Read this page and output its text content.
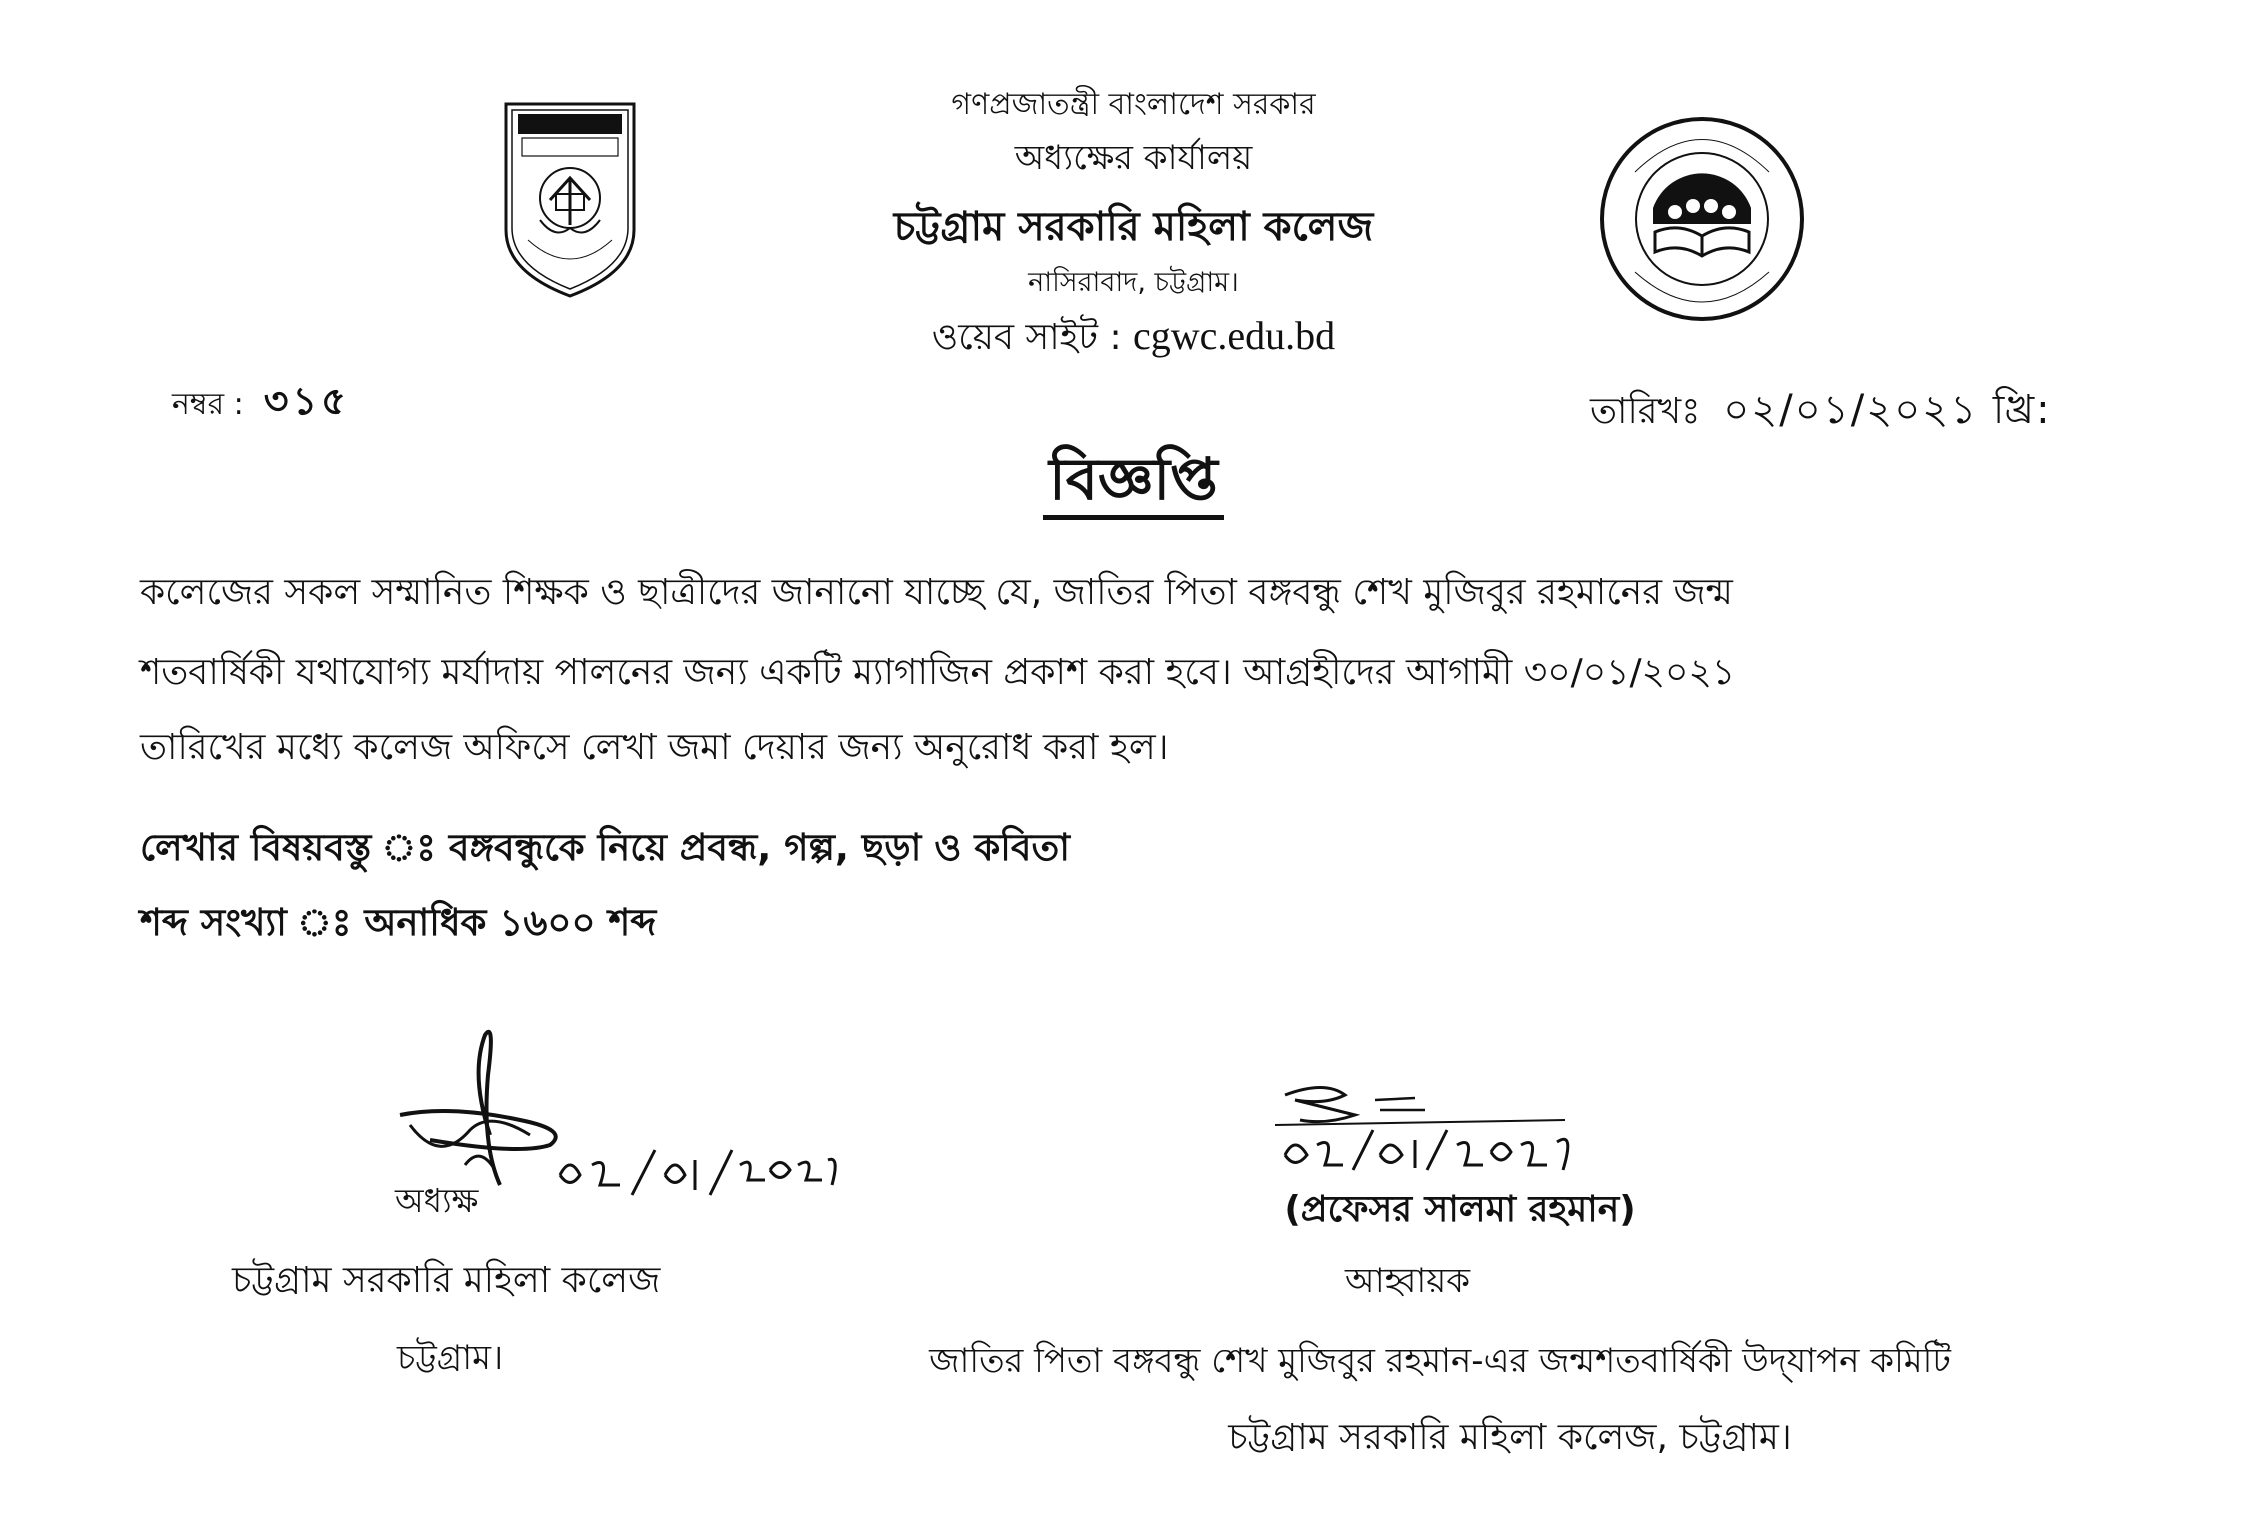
গণপ্রজাতন্ত্রী বাংলাদেশ সরকার
অধ্যক্ষের কার্যালয়
চট্টগ্রাম সরকারি মহিলা কলেজ
নাসিরাবাদ, চট্টগ্রাম।
ওয়েব সাইট : cgwc.edu.bd
নম্বর : ৩১৫	তারিখঃ ০২/০১/২০২১ খ্রি:
বিজ্ঞপ্তি
কলেজের সকল সম্মানিত শিক্ষক ও ছাত্রীদের জানানো যাচ্ছে যে, জাতির পিতা বঙ্গবন্ধু শেখ মুজিবুর রহমানের জন্ম
শতবার্ষিকী যথাযোগ্য মর্যাদায় পালনের জন্য একটি ম্যাগাজিন প্রকাশ করা হবে। আগ্রহীদের আগামী ৩০/০১/২০২১
তারিখের মধ্যে কলেজ অফিসে লেখা জমা দেয়ার জন্য অনুরোধ করা হল।
লেখার বিষয়বস্তু ঃ বঙ্গবন্ধুকে নিয়ে প্রবন্ধ, গল্প, ছড়া ও কবিতা
শব্দ সংখ্যা ঃ অনাধিক ১৬০০ শব্দ
অধ্যক্ষ
চট্টগ্রাম সরকারি মহিলা কলেজ
চট্টগ্রাম।
(প্রফেসর সালমা রহমান)
আহ্বায়ক
জাতির পিতা বঙ্গবন্ধু শেখ মুজিবুর রহমান-এর জন্মশতবার্ষিকী উদ্‌যাপন কমিটি
চট্টগ্রাম সরকারি মহিলা কলেজ, চট্টগ্রাম।
